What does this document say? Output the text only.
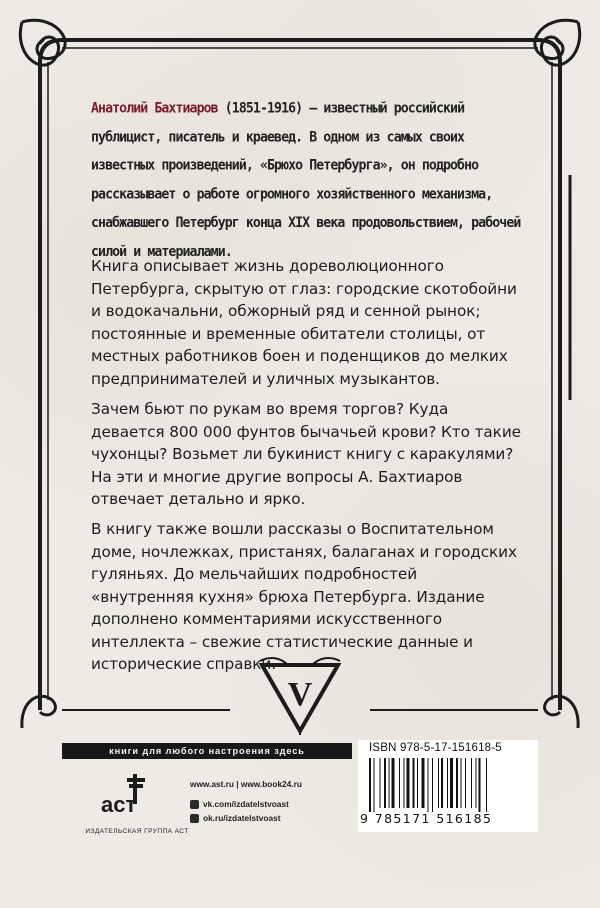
Анатолий Бахтиаров (1851-1916) – известный российский публицист, писатель и краевед. В одном из самых своих известных произведений, «Брюхо Петербурга», он подробно рассказывает о работе огромного хозяйственного механизма, снабжавшего Петербург конца XIX века продовольствием, рабочей силой и материалами.
Книга описывает жизнь дореволюционного Петербурга, скрытую от глаз: городские скотобойни и водокачальни, обжорный ряд и сенной рынок; постоянные и временные обитатели столицы, от местных работников боен и поденщиков до мелких предпринимателей и уличных музыкантов.
Зачем бьют по рукам во время торгов? Куда девается 800 000 фунтов бычачьей крови? Кто такие чухонцы? Возьмет ли букинист книгу с каракулями? На эти и многие другие вопросы А. Бахтиаров отвечает детально и ярко.
В книгу также вошли рассказы о Воспитательном доме, ночлежках, пристанях, балаганах и городских гуляньях. До мельчайших подробностей «внутренняя кухня» брюха Петербурга. Издание дополнено комментариями искусственного интеллекта – свежие статистические данные и исторические справки.
V
книги для любого настроения здесь	ISBN 978-5-17-151618-5
9 785171 516185
aст
ИЗДАТЕЛЬСКАЯ ГРУППА АСТ
www.ast.ru | www.book24.ru
vk.com/izdatelstvoast
ok.ru/izdatelstvoast
